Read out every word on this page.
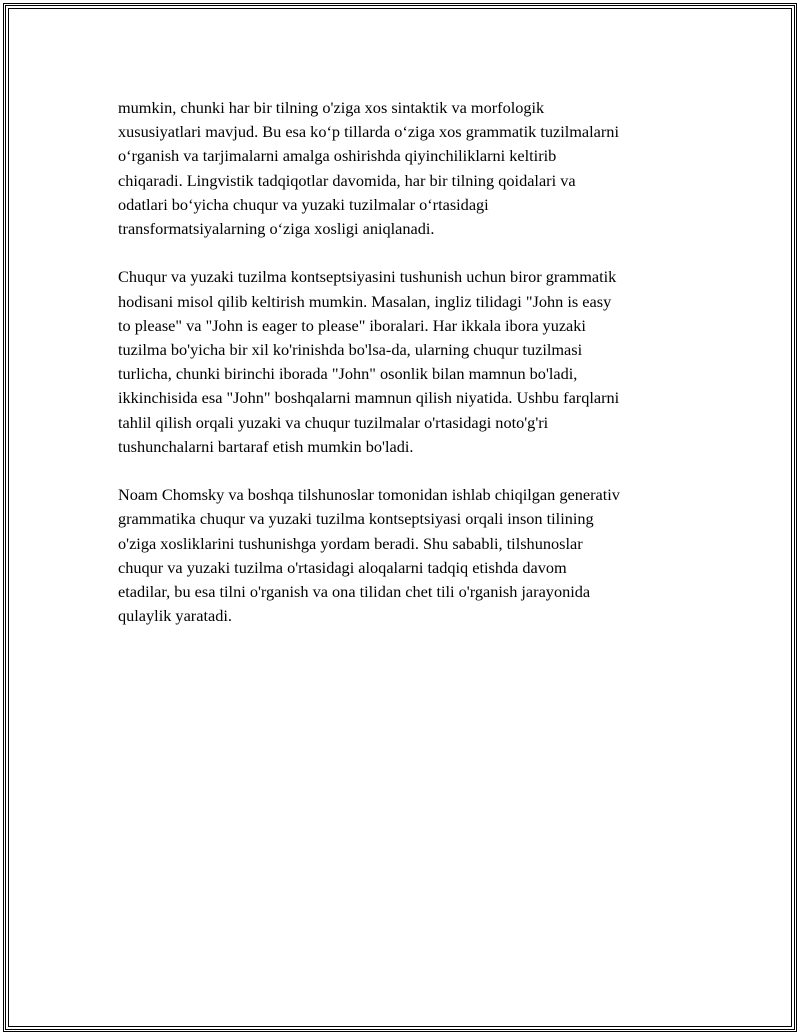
mumkin, chunki har bir tilning o'ziga xos sintaktik va morfologik
xususiyatlari mavjud. Bu esa ko‘p tillarda o‘ziga xos grammatik tuzilmalarni
o‘rganish va tarjimalarni amalga oshirishda qiyinchiliklarni keltirib
chiqaradi. Lingvistik tadqiqotlar davomida, har bir tilning qoidalari va
odatlari bo‘yicha chuqur va yuzaki tuzilmalar o‘rtasidagi
transformatsiyalarning o‘ziga xosligi aniqlanadi.

Chuqur va yuzaki tuzilma kontseptsiyasini tushunish uchun biror grammatik
hodisani misol qilib keltirish mumkin. Masalan, ingliz tilidagi "John is easy
to please" va "John is eager to please" iboralari. Har ikkala ibora yuzaki
tuzilma bo'yicha bir xil ko'rinishda bo'lsa-da, ularning chuqur tuzilmasi
turlicha, chunki birinchi iborada "John" osonlik bilan mamnun bo'ladi,
ikkinchisida esa "John" boshqalarni mamnun qilish niyatida. Ushbu farqlarni
tahlil qilish orqali yuzaki va chuqur tuzilmalar o'rtasidagi noto'g'ri
tushunchalarni bartaraf etish mumkin bo'ladi.

Noam Chomsky va boshqa tilshunoslar tomonidan ishlab chiqilgan generativ
grammatika chuqur va yuzaki tuzilma kontseptsiyasi orqali inson tilining
o'ziga xosliklarini tushunishga yordam beradi. Shu sababli, tilshunoslar
chuqur va yuzaki tuzilma o'rtasidagi aloqalarni tadqiq etishda davom
etadilar, bu esa tilni o'rganish va ona tilidan chet tili o'rganish jarayonida
qulaylik yaratadi.
